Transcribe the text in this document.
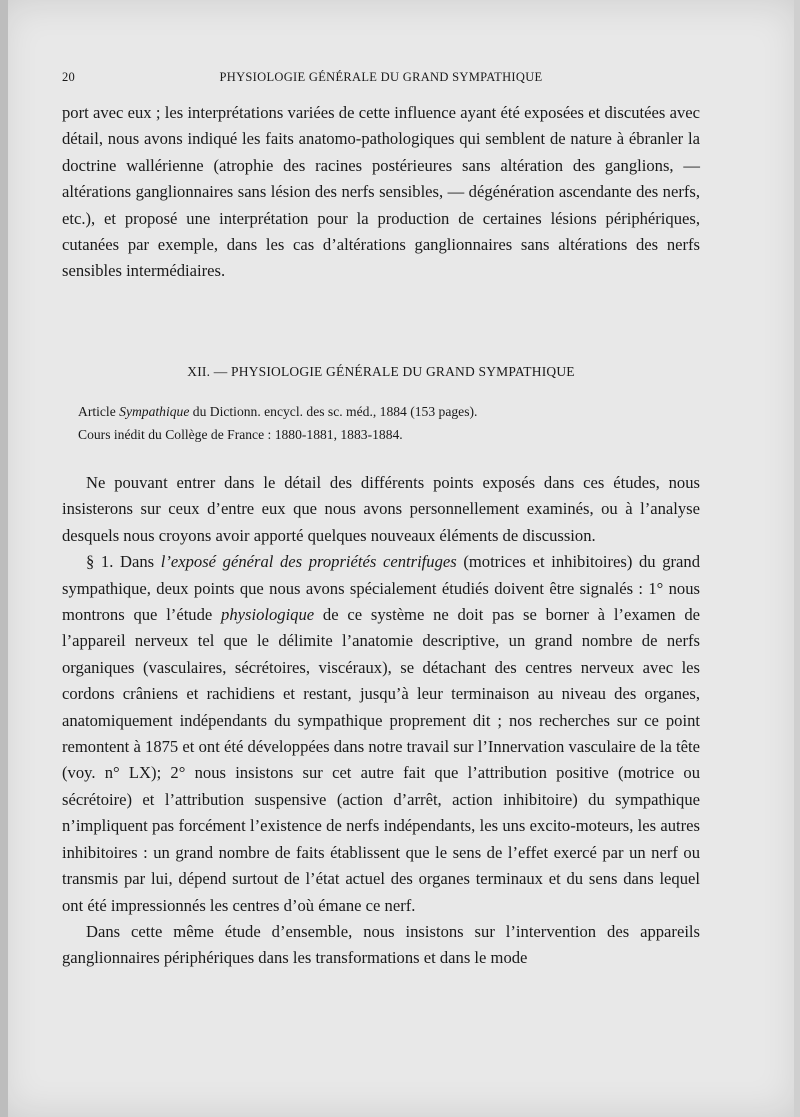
20	PHYSIOLOGIE GÉNÉRALE DU GRAND SYMPATHIQUE

port avec eux ; les interprétations variées de cette influence ayant été exposées et discutées avec détail, nous avons indiqué les faits anatomo-pathologiques qui semblent de nature à ébranler la doctrine wallérienne (atrophie des racines postérieures sans altération des ganglions, — altérations ganglionnaires sans lésion des nerfs sensibles, — dégénération ascendante des nerfs, etc.), et proposé une interprétation pour la production de certaines lésions périphériques, cutanées par exemple, dans les cas d’altérations ganglionnaires sans altérations des nerfs sensibles intermédiaires.

XII. — PHYSIOLOGIE GÉNÉRALE DU GRAND SYMPATHIQUE
Article Sympathique du Dictionn. encycl. des sc. méd., 1884 (153 pages).
Cours inédit du Collège de France : 1880-1881, 1883-1884.

Ne pouvant entrer dans le détail des différents points exposés dans ces études, nous insisterons sur ceux d’entre eux que nous avons personnellement examinés, ou à l’analyse desquels nous croyons avoir apporté quelques nouveaux éléments de discussion.

§ 1. Dans l’exposé général des propriétés centrifuges (motrices et inhibitoires) du grand sympathique, deux points que nous avons spécialement étudiés doivent être signalés : 1° nous montrons que l’étude physiologique de ce système ne doit pas se borner à l’examen de l’appareil nerveux tel que le délimite l’anatomie descriptive, un grand nombre de nerfs organiques (vasculaires, sécrétoires, viscéraux), se détachant des centres nerveux avec les cordons crâniens et rachidiens et restant, jusqu’à leur terminaison au niveau des organes, anatomiquement indépendants du sympathique proprement dit ; nos recherches sur ce point remontent à 1875 et ont été développées dans notre travail sur l’Innervation vasculaire de la tête (voy. n° LX); 2° nous insistons sur cet autre fait que l’attribution positive (motrice ou sécrétoire) et l’attribution suspensive (action d’arrêt, action inhibitoire) du sympathique n’impliquent pas forcément l’existence de nerfs indépendants, les uns excito-moteurs, les autres inhibitoires : un grand nombre de faits établissent que le sens de l’effet exercé par un nerf ou transmis par lui, dépend surtout de l’état actuel des organes terminaux et du sens dans lequel ont été impressionnés les centres d’où émane ce nerf.

Dans cette même étude d’ensemble, nous insistons sur l’intervention des appareils ganglionnaires périphériques dans les transformations et dans le mode
